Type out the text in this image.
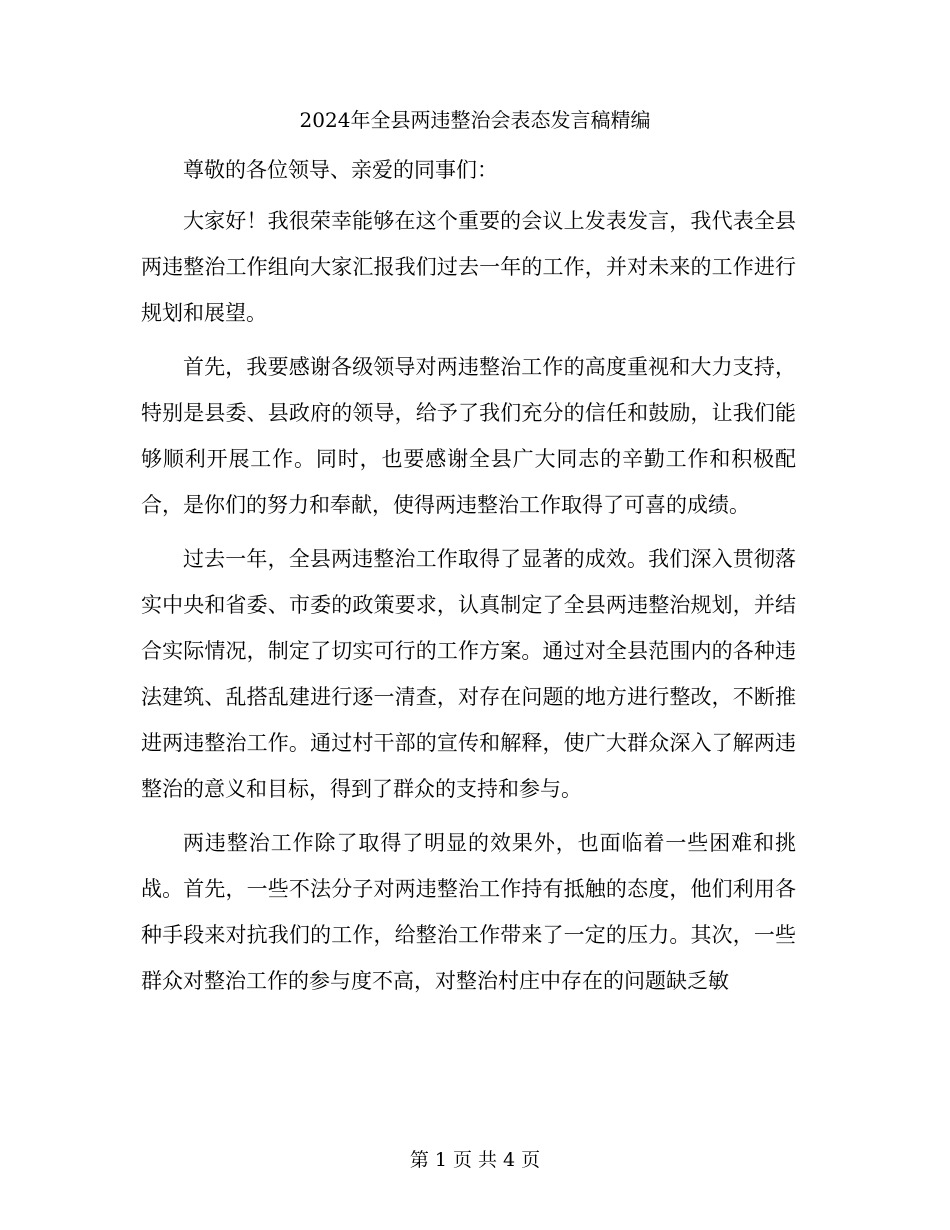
2024年全县两违整治会表态发言稿精编

尊敬的各位领导、亲爱的同事们：

大家好！我很荣幸能够在这个重要的会议上发表发言，我代表全县两违整治工作组向大家汇报我们过去一年的工作，并对未来的工作进行规划和展望。

首先，我要感谢各级领导对两违整治工作的高度重视和大力支持，特别是县委、县政府的领导，给予了我们充分的信任和鼓励，让我们能够顺利开展工作。同时，也要感谢全县广大同志的辛勤工作和积极配合，是你们的努力和奉献，使得两违整治工作取得了可喜的成绩。

过去一年，全县两违整治工作取得了显著的成效。我们深入贯彻落实中央和省委、市委的政策要求，认真制定了全县两违整治规划，并结合实际情况，制定了切实可行的工作方案。通过对全县范围内的各种违法建筑、乱搭乱建进行逐一清查，对存在问题的地方进行整改，不断推进两违整治工作。通过村干部的宣传和解释，使广大群众深入了解两违整治的意义和目标，得到了群众的支持和参与。

两违整治工作除了取得了明显的效果外，也面临着一些困难和挑战。首先，一些不法分子对两违整治工作持有抵触的态度，他们利用各种手段来对抗我们的工作，给整治工作带来了一定的压力。其次，一些群众对整治工作的参与度不高，对整治村庄中存在的问题缺乏敏

第 1 页 共 4 页
